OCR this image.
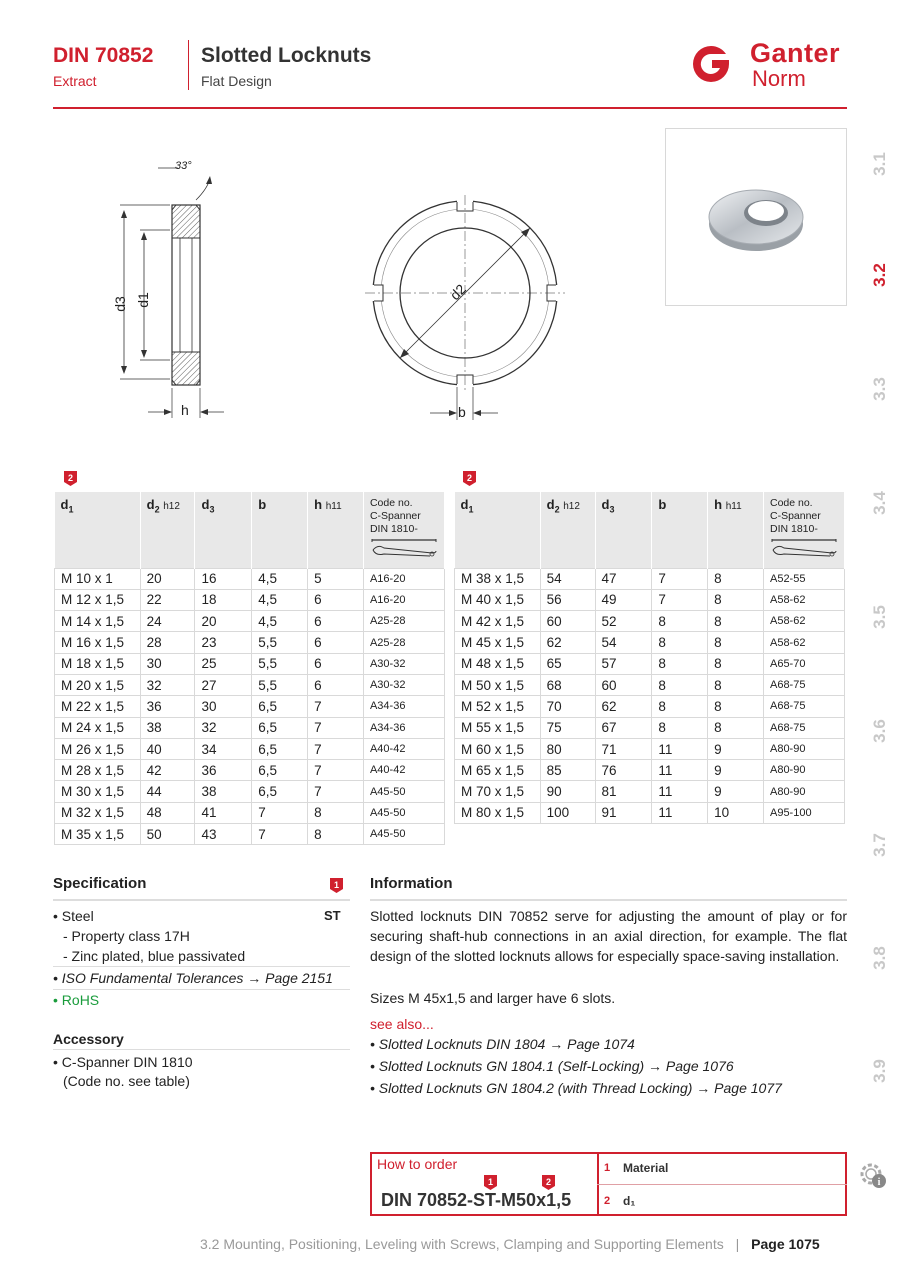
DIN 70852
Extract
Slotted Locknuts
Flat Design
Ganter
Norm
3.1
3.2
3.3
3.4
3.5
3.6
3.7
3.8
3.9
d3 d1
h
33°
d2
b
2	2
$d_1$	$d_2$ h12	$d_3$	b	h h11	Code no.
C-Spanner
DIN 1810-

M 10 x 1	20	16	4,5	5	A16-20
M 12 x 1,5	22	18	4,5	6	A16-20
M 14 x 1,5	24	20	4,5	6	A25-28
M 16 x 1,5	28	23	5,5	6	A25-28
M 18 x 1,5	30	25	5,5	6	A30-32
M 20 x 1,5	32	27	5,5	6	A30-32
M 22 x 1,5	36	30	6,5	7	A34-36
M 24 x 1,5	38	32	6,5	7	A34-36
M 26 x 1,5	40	34	6,5	7	A40-42
M 28 x 1,5	42	36	6,5	7	A40-42
M 30 x 1,5	44	38	6,5	7	A45-50
M 32 x 1,5	48	41	7	8	A45-50
M 35 x 1,5	50	43	7	8	A45-50
$d_1$	$d_2$ h12	$d_3$	b	h h11	Code no.
C-Spanner
DIN 1810-

M 38 x 1,5	54	47	7	8	A52-55
M 40 x 1,5	56	49	7	8	A58-62
M 42 x 1,5	60	52	8	8	A58-62
M 45 x 1,5	62	54	8	8	A58-62
M 48 x 1,5	65	57	8	8	A65-70
M 50 x 1,5	68	60	8	8	A68-75
M 52 x 1,5	70	62	8	8	A68-75
M 55 x 1,5	75	67	8	8	A68-75
M 60 x 1,5	80	71	11	9	A80-90
M 65 x 1,5	85	76	11	9	A80-90
M 70 x 1,5	90	81	11	9	A80-90
M 80 x 1,5	100	91	11	10	A95-100
Specification	1
• Steel	ST
- Property class 17H
- Zinc plated, blue passivated
• ISO Fundamental Tolerances → Page 2151
• RoHS
Accessory
• C-Spanner DIN 1810
(Code no. see table)
Information
Slotted locknuts DIN 70852 serve for adjusting the amount of play or for securing shaft-hub connections in an axial direction, for example. The flat design of the slotted locknuts allows for especially space-saving installation.
Sizes M 45x1,5 and larger have 6 slots.
see also...
• Slotted Locknuts DIN 1804 → Page 1074
• Slotted Locknuts GN 1804.1 (Self-Locking) → Page 1076
• Slotted Locknuts GN 1804.2 (with Thread Locking) → Page 1077
How to order
1	2
DIN 70852-ST-M50x1,5
1 Material
2 d₁
i
3.2 Mounting, Positioning, Leveling with Screws, Clamping and Supporting Elements | Page 1075
